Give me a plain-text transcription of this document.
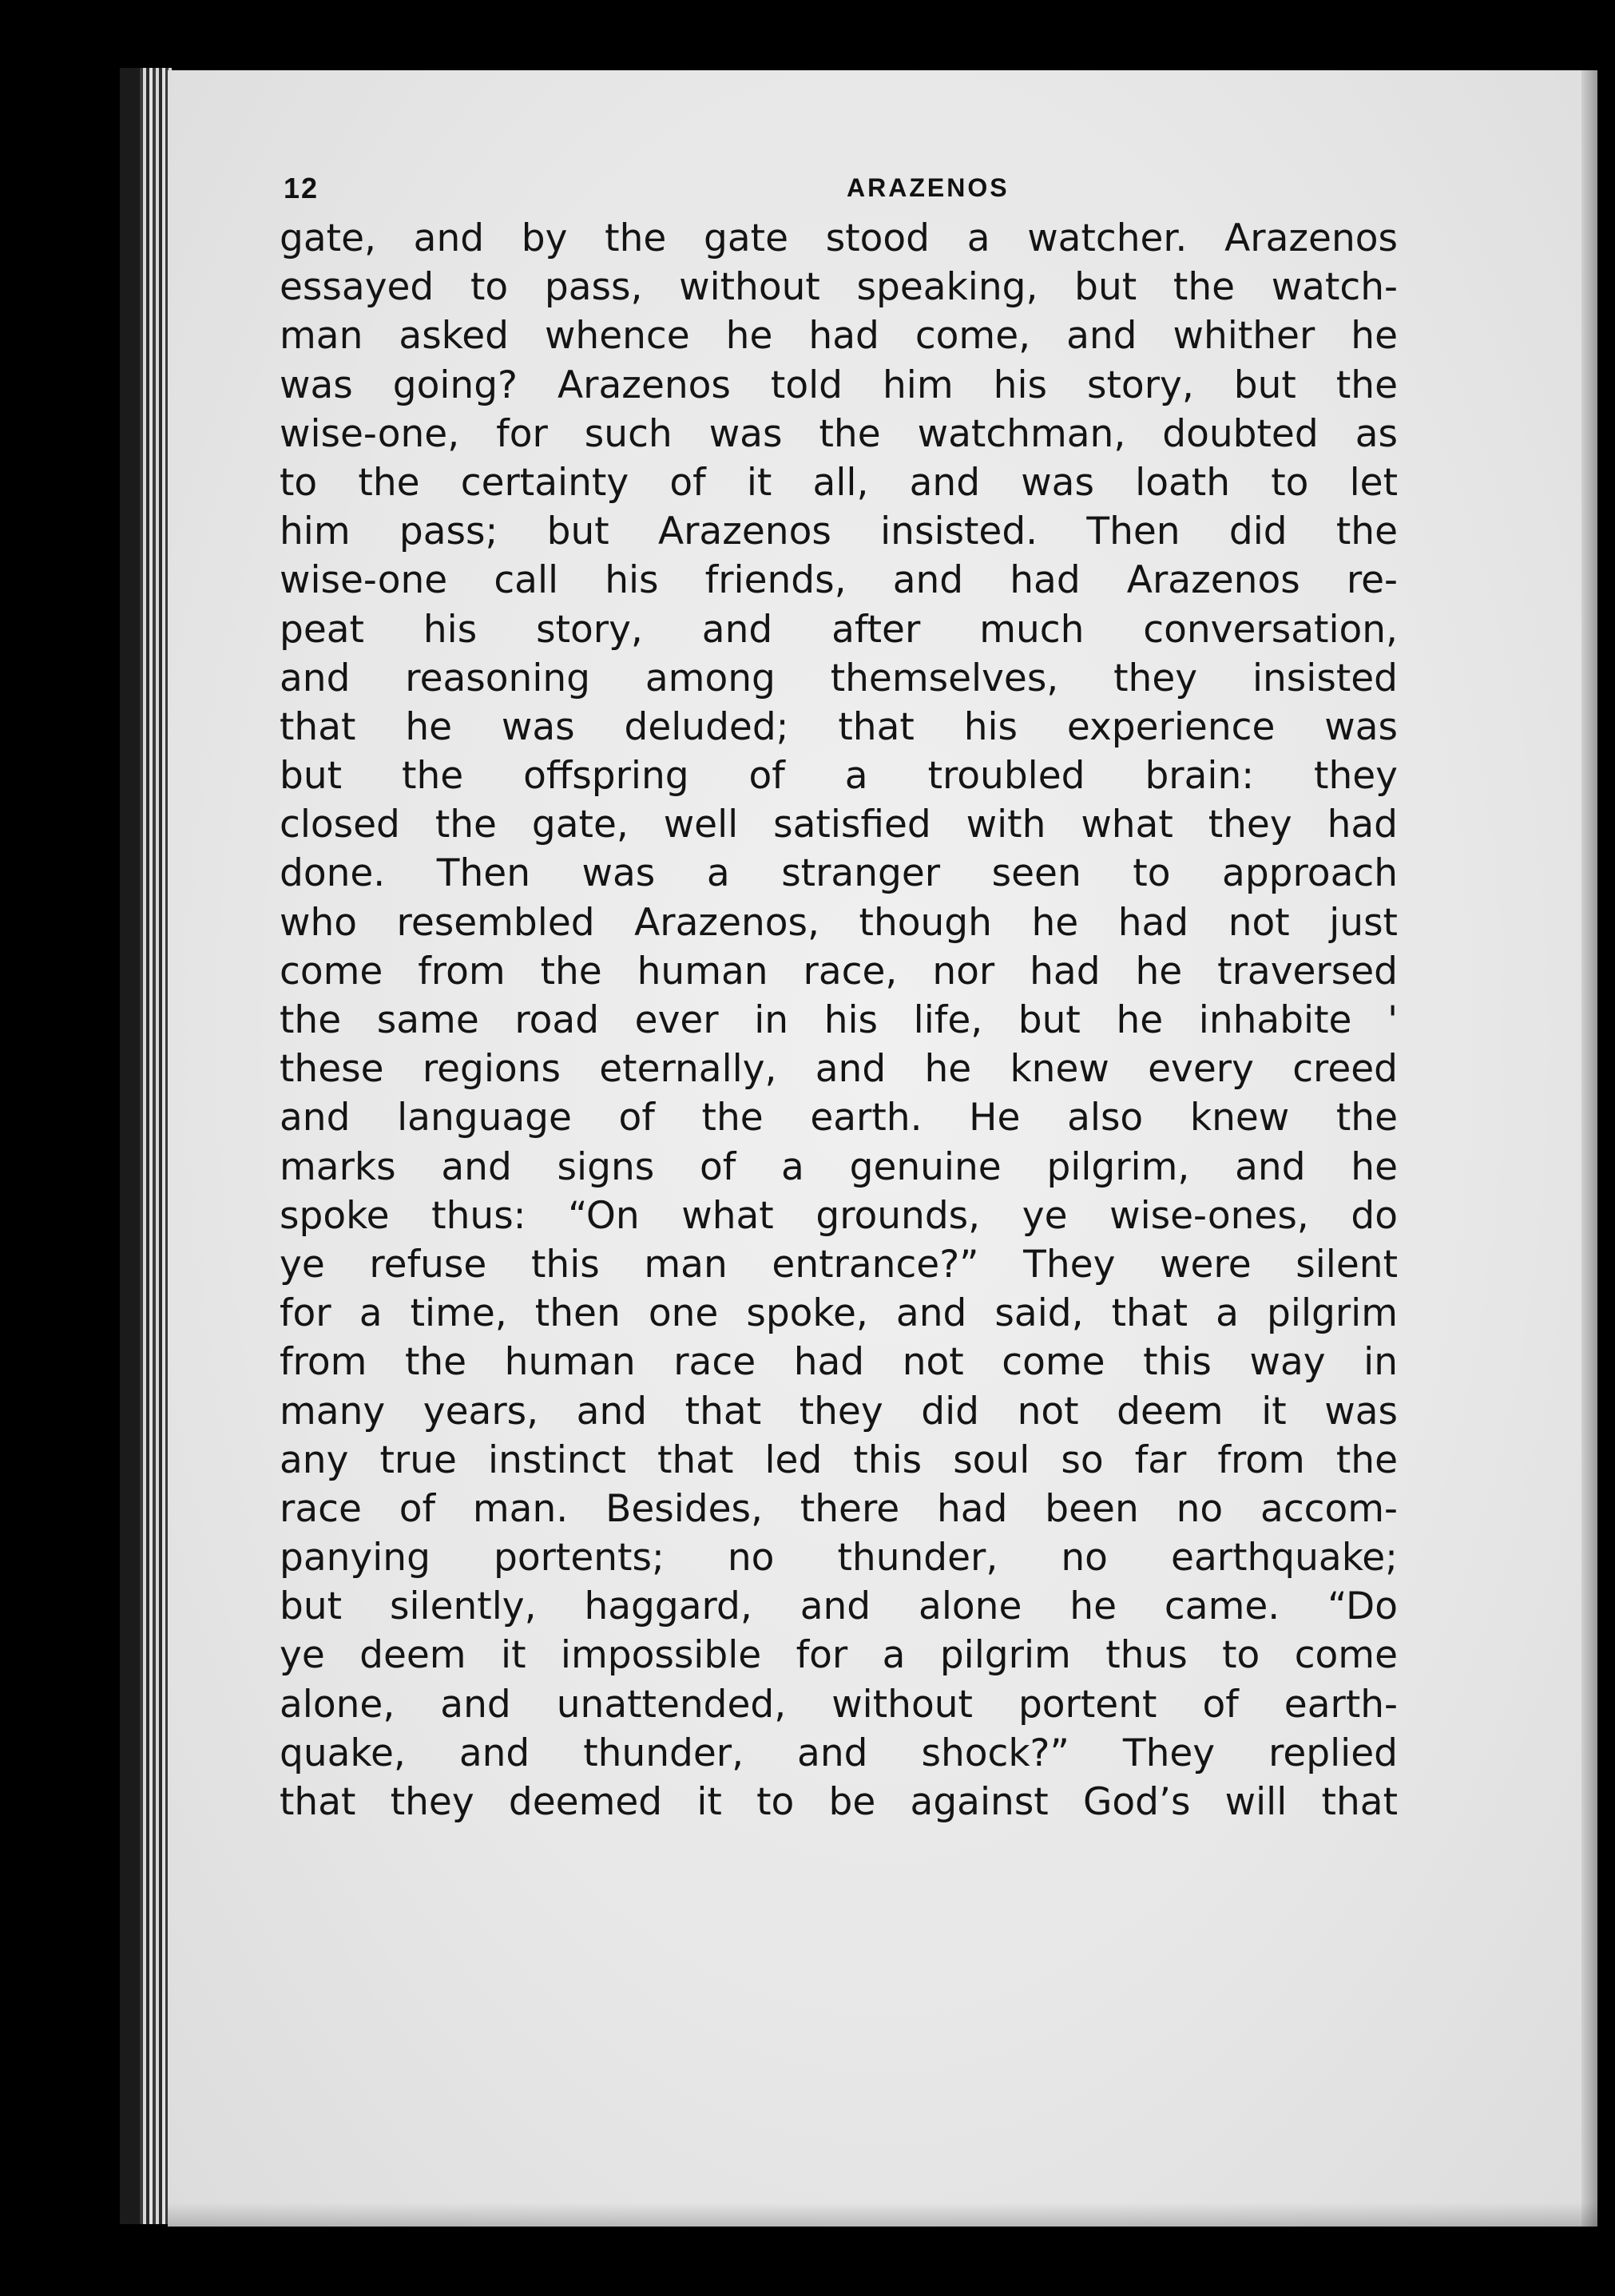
12	ARAZENOS
gate, and by the gate stood a watcher. Arazenos
essayed to pass, without speaking, but the watch-
man asked whence he had come, and whither he
was going? Arazenos told him his story, but the
wise-one, for such was the watchman, doubted as
to the certainty of it all, and was loath to let
him pass; but Arazenos insisted. Then did the
wise-one call his friends, and had Arazenos re-
peat his story, and after much conversation,
and reasoning among themselves, they insisted
that he was deluded; that his experience was
but the offspring of a troubled brain: they
closed the gate, well satisfied with what they had
done. Then was a stranger seen to approach
who resembled Arazenos, though he had not just
come from the human race, nor had he traversed
the same road ever in his life, but he inhabite '
these regions eternally, and he knew every creed
and language of the earth. He also knew the
marks and signs of a genuine pilgrim, and he
spoke thus: “On what grounds, ye wise-ones, do
ye refuse this man entrance?” They were silent
for a time, then one spoke, and said, that a pilgrim
from the human race had not come this way in
many years, and that they did not deem it was
any true instinct that led this soul so far from the
race of man. Besides, there had been no accom-
panying portents; no thunder, no earthquake;
but silently, haggard, and alone he came. “Do
ye deem it impossible for a pilgrim thus to come
alone, and unattended, without portent of earth-
quake, and thunder, and shock?” They replied
that they deemed it to be against God’s will that
